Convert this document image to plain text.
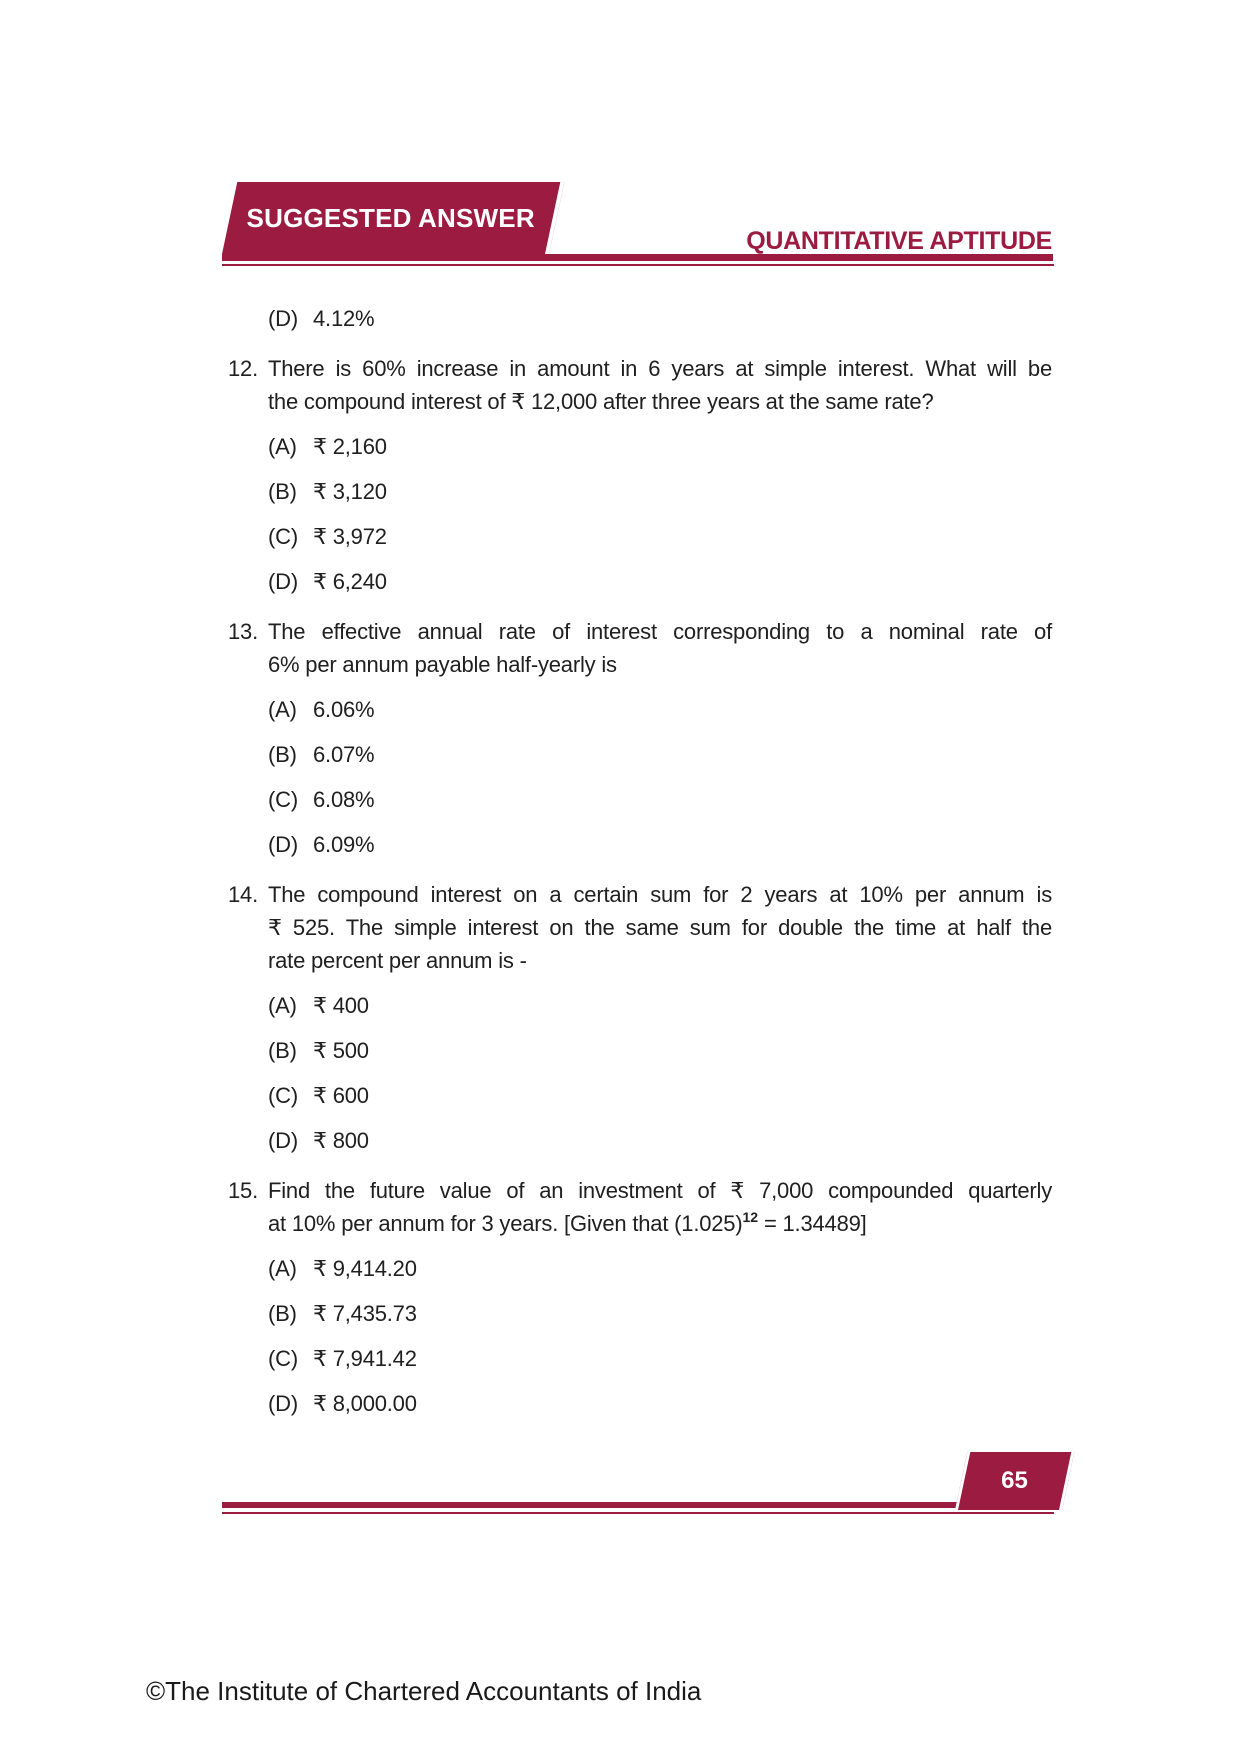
SUGGESTED ANSWER
QUANTITATIVE APTITUDE
(D) 4.12%
12. There is 60% increase in amount in 6 years at simple interest. What will be
the compound interest of ₹ 12,000 after three years at the same rate?
(A) ₹ 2,160
(B) ₹ 3,120
(C) ₹ 3,972
(D) ₹ 6,240
13. The effective annual rate of interest corresponding to a nominal rate of
6% per annum payable half-yearly is
(A) 6.06%
(B) 6.07%
(C) 6.08%
(D) 6.09%
14. The compound interest on a certain sum for 2 years at 10% per annum is
₹ 525. The simple interest on the same sum for double the time at half the
rate percent per annum is -
(A) ₹ 400
(B) ₹ 500
(C) ₹ 600
(D) ₹ 800
15. Find the future value of an investment of ₹ 7,000 compounded quarterly
at 10% per annum for 3 years. [Given that $(1.025)^{12} = 1.34489$]
(A) ₹ 9,414.20
(B) ₹ 7,435.73
(C) ₹ 7,941.42
(D) ₹ 8,000.00
65
©The Institute of Chartered Accountants of India
